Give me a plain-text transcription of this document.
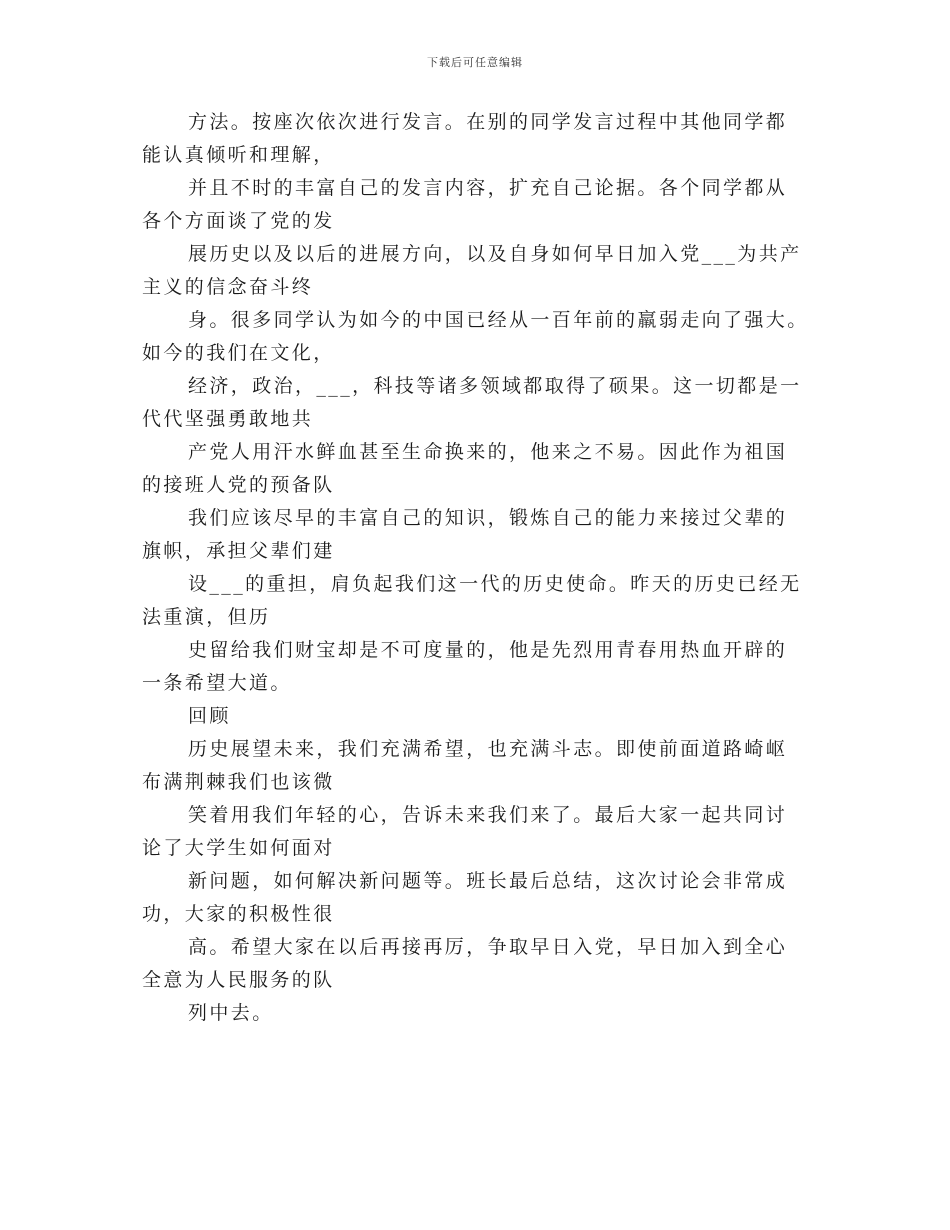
下载后可任意编辑

方法。按座次依次进行发言。在别的同学发言过程中其他同学都
能认真倾听和理解，

并且不时的丰富自己的发言内容，扩充自己论据。各个同学都从
各个方面谈了党的发

展历史以及以后的进展方向，以及自身如何早日加入党___为共产
主义的信念奋斗终

身。很多同学认为如今的中国已经从一百年前的羸弱走向了强大。
如今的我们在文化，

经济，政治，___，科技等诸多领域都取得了硕果。这一切都是一
代代坚强勇敢地共

产党人用汗水鲜血甚至生命换来的，他来之不易。因此作为祖国
的接班人党的预备队

我们应该尽早的丰富自己的知识，锻炼自己的能力来接过父辈的
旗帜，承担父辈们建

设___的重担，肩负起我们这一代的历史使命。昨天的历史已经无
法重演，但历

史留给我们财宝却是不可度量的，他是先烈用青春用热血开辟的
一条希望大道。

回顾

历史展望未来，我们充满希望，也充满斗志。即使前面道路崎岖
布满荆棘我们也该微

笑着用我们年轻的心，告诉未来我们来了。最后大家一起共同讨
论了大学生如何面对

新问题，如何解决新问题等。班长最后总结，这次讨论会非常成
功，大家的积极性很

高。希望大家在以后再接再厉，争取早日入党，早日加入到全心
全意为人民服务的队

列中去。
